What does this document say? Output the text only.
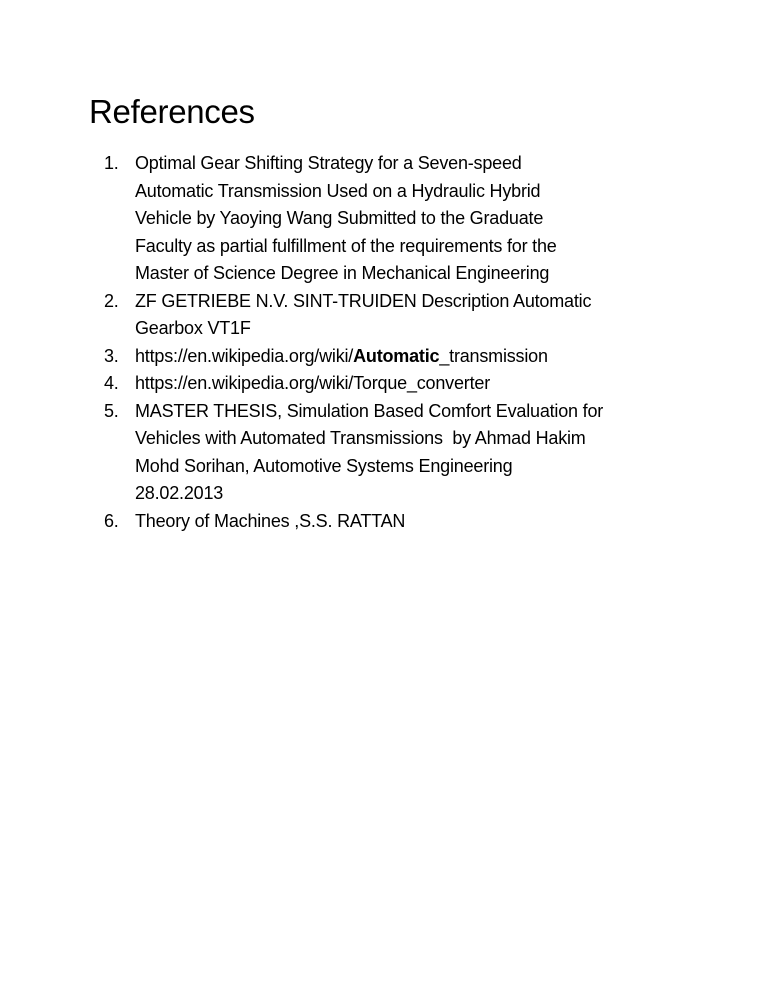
References
1. Optimal Gear Shifting Strategy for a Seven-speed
Automatic Transmission Used on a Hydraulic Hybrid
Vehicle by Yaoying Wang Submitted to the Graduate
Faculty as partial fulfillment of the requirements for the
Master of Science Degree in Mechanical Engineering
2. ZF GETRIEBE N.V. SINT-TRUIDEN Description Automatic
Gearbox VT1F
3. https://en.wikipedia.org/wiki/Automatic_transmission
4. https://en.wikipedia.org/wiki/Torque_converter
5. MASTER THESIS, Simulation Based Comfort Evaluation for
Vehicles with Automated Transmissions  by Ahmad Hakim
Mohd Sorihan, Automotive Systems Engineering
28.02.2013
6. Theory of Machines ,S.S. RATTAN
